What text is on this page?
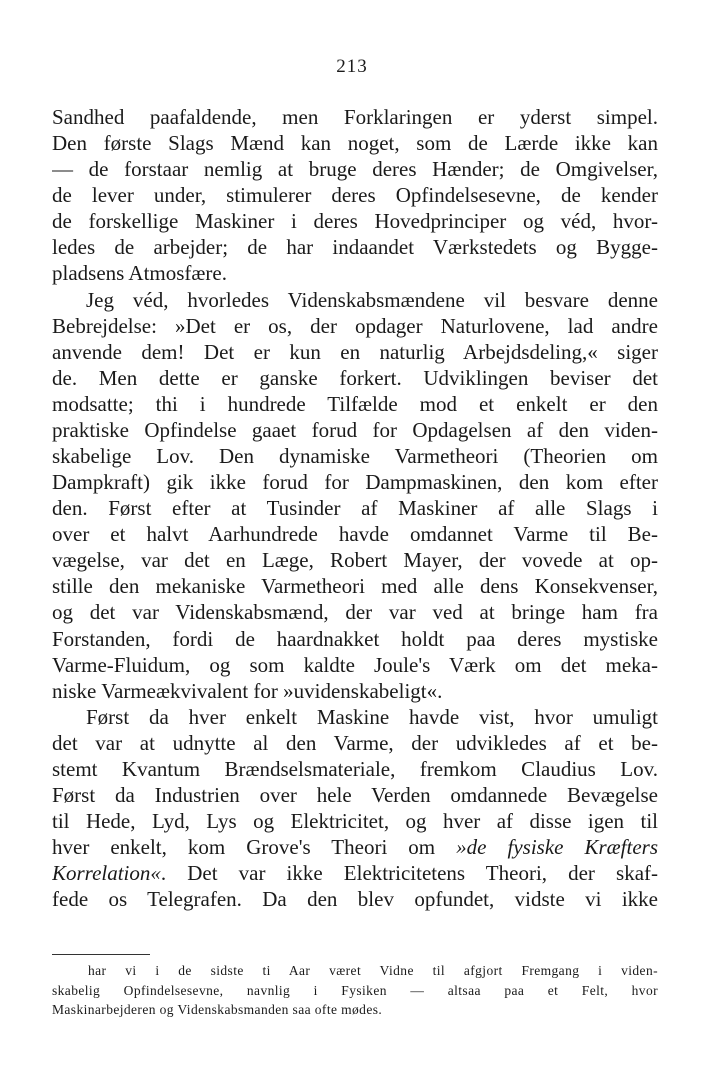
213
Sandhed paafaldende, men Forklaringen er yderst simpel.
Den første Slags Mænd kan noget, som de Lærde ikke kan
— de forstaar nemlig at bruge deres Hænder; de Omgivelser,
de lever under, stimulerer deres Opfindelsesevne, de kender
de forskellige Maskiner i deres Hovedprinciper og véd, hvor-
ledes de arbejder; de har indaandet Værkstedets og Bygge-
pladsens Atmosfære.
Jeg véd, hvorledes Videnskabsmændene vil besvare denne
Bebrejdelse: »Det er os, der opdager Naturlovene, lad andre
anvende dem! Det er kun en naturlig Arbejdsdeling,« siger
de. Men dette er ganske forkert. Udviklingen beviser det
modsatte; thi i hundrede Tilfælde mod et enkelt er den
praktiske Opfindelse gaaet forud for Opdagelsen af den viden-
skabelige Lov. Den dynamiske Varmetheori (Theorien om
Dampkraft) gik ikke forud for Dampmaskinen, den kom efter
den. Først efter at Tusinder af Maskiner af alle Slags i
over et halvt Aarhundrede havde omdannet Varme til Be-
vægelse, var det en Læge, Robert Mayer, der vovede at op-
stille den mekaniske Varmetheori med alle dens Konsekvenser,
og det var Videnskabsmænd, der var ved at bringe ham fra
Forstanden, fordi de haardnakket holdt paa deres mystiske
Varme-Fluidum, og som kaldte Joule's Værk om det meka-
niske Varmeækvivalent for »uvidenskabeligt«.
Først da hver enkelt Maskine havde vist, hvor umuligt
det var at udnytte al den Varme, der udvikledes af et be-
stemt Kvantum Brændselsmateriale, fremkom Claudius Lov.
Først da Industrien over hele Verden omdannede Bevægelse
til Hede, Lyd, Lys og Elektricitet, og hver af disse igen til
hver enkelt, kom Grove's Theori om »de fysiske Kræfters
Korrelation«. Det var ikke Elektricitetens Theori, der skaf-
fede os Telegrafen. Da den blev opfundet, vidste vi ikke
har vi i de sidste ti Aar været Vidne til afgjort Fremgang i viden-
skabelig Opfindelsesevne, navnlig i Fysiken — altsaa paa et Felt, hvor
Maskinarbejderen og Videnskabsmanden saa ofte mødes.
